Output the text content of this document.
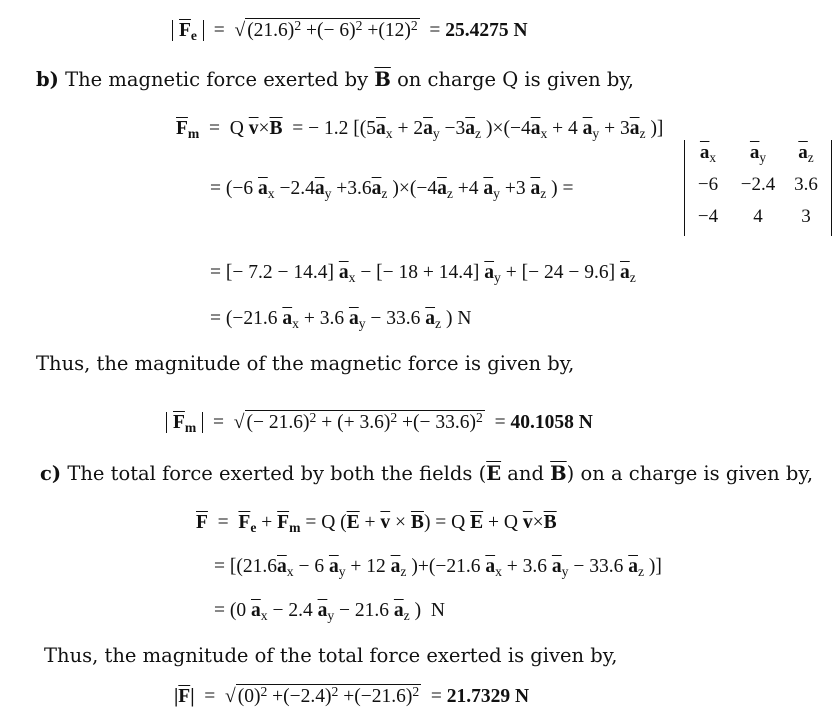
$\overline{F}_e$  =  √ $(21.6)^2$ +(− $6)^2 +(12)^2 = 25.4275$ N
b) The magnetic force exerted by $\overline{B}$ on charge Q is given by,
$\overline{F}_m = Q$ $\overline{v}\times\overline{B}$  = − 1.2 [($5\overline{a}_x + 2\overline{a}_y -3\overline{a}_z$ )$\times(-4\overline{a}_x + 4$ $\overline{a}_y + 3\overline{a}_z$ )]
= (−6 $\overline{a}_x -2.4\overline{a}_y +3.6\overline{a}_z$ )$\times(-4\overline{a}_z +4$ $\overline{a}_y +3$ $\overline{a}_z$ ) =
$\overline{a}_x$	$\overline{a}_y$	$\overline{a}_z$
−6	−2.4 3.6
−4	4	3
= [− 7.2 − 14.4] $\overline{a}_x$ − [− 18 + 14.4] $\overline{a}_y$ + [− 24 − 9.6] $\overline{a}_z$
= (−21.6 $\overline{a}_x + 3.6$ $\overline{a}_y - 33.6$ $\overline{a}_z$ ) N
Thus, the magnitude of the magnetic force is given by,
$\overline{F}_m$  =  √ (− 21.6)$^2$ + (+ 3.6)$^2$ +(− 33.6)$^2$  = 40.1058 N
c) The total force exerted by both the fields ($\overline{E}$ and $\overline{B}$) on a charge is given by,
$\overline{F} = \overline{F}_e + \overline{F}_m = Q$ $(\overline{E} + \overline{v} \times \overline{B}) = Q$ $\overline{E} + Q$ $\overline{v}\times\overline{B}$
= [($21.6\overline{a}_x - 6$ $\overline{a}_y + 12$ $\overline{a}_z$ )+(−21.6 $\overline{a}_x + 3.6$ $\overline{a}_y - 33.6$ $\overline{a}_z$ )]
= (0 $\overline{a}_x - 2.4$ $\overline{a}_y - 21.6$ $\overline{a}_z$ )  N
Thus, the magnitude of the total force exerted is given by,
$|\overline{F}|$  =  √ $(0)^2 +(-2.4)^2 +(-21.6)^2 = 21.7329$ N
